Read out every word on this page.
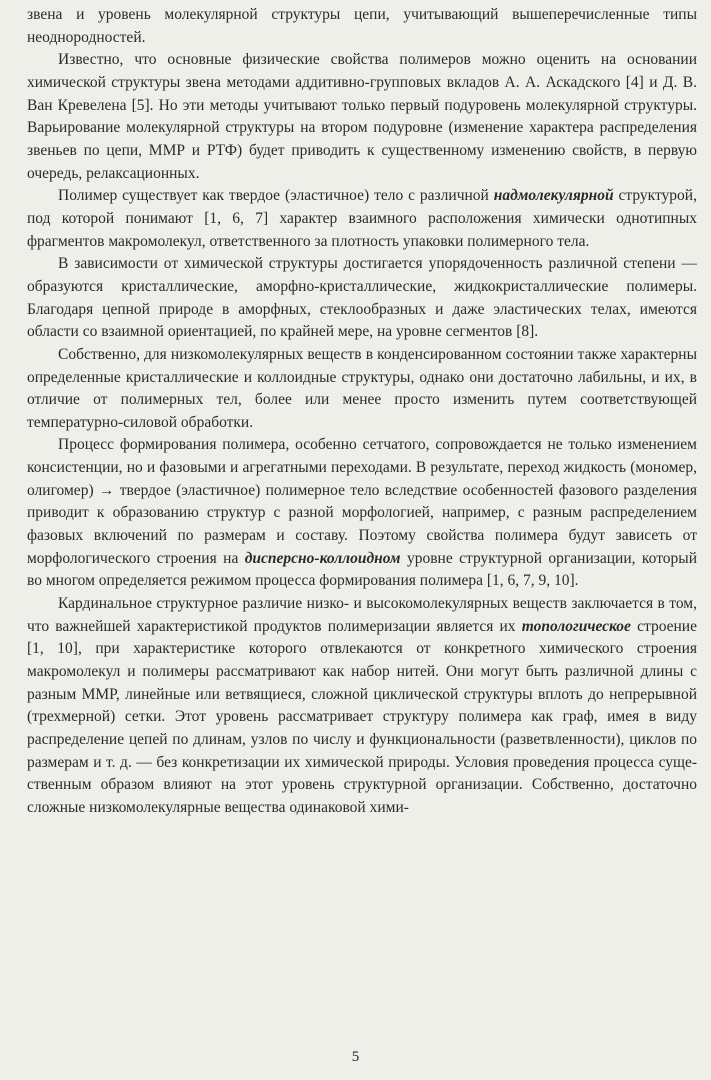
звена и уровень молекулярной структуры цепи, учитывающий вышеперечисленные типы неоднородностей.

Известно, что основные физические свойства полимеров можно оценить на основании химической структуры звена методами аддитивно-групповых вкладов А. А. Аскадского [4] и Д. В. Ван Кревелена [5]. Но эти методы учитывают только первый подуровень молекулярной структуры. Варьирование молекулярной структуры на втором подуровне (изменение характера распределения звеньев по цепи, ММР и РТФ) будет приводить к существенному изменению свойств, в первую очередь, релаксационных.

Полимер существует как твердое (эластичное) тело с различной надмолекулярной структурой, под которой понимают [1, 6, 7] характер взаимного расположения химически однотипных фрагментов макромолекул, ответственного за плотность упаковки полимерного тела.

В зависимости от химической структуры достигается упорядоченность различной степени — образуются кристаллические, аморфно-кристаллические, жидкокристаллические полимеры. Благодаря цепной природе в аморфных, стеклообразных и даже эластических телах, имеются области со взаимной ориентацией, по крайней мере, на уровне сегментов [8].

Собственно, для низкомолекулярных веществ в конденсированном состоянии также характерны определенные кристаллические и коллоидные структуры, однако они достаточно лабильны, и их, в отличие от полимерных тел, более или менее просто изменить путем соответствующей температурно-силовой обработки.

Процесс формирования полимера, особенно сетчатого, сопровождается не только изменением консистенции, но и фазовыми и агрегатными переходами. В результате, переход жидкость (мономер, олигомер) → твердое (эластичное) полимерное тело вследствие особенностей фазового разделения приводит к образованию структур с разной морфологией, например, с разным распределением фазовых включений по размерам и составу. Поэтому свойства полимера будут зависеть от морфологического строения на дисперсно-коллоидном уровне структурной организации, который во многом определяется режимом процесса формирования полимера [1, 6, 7, 9, 10].

Кардинальное структурное различие низко- и высокомолекулярных веществ заключается в том, что важнейшей характеристикой продуктов полимеризации является их топологическое строение [1, 10], при характеристике которого отвлекаются от конкретного химического строения макромолекул и полимеры рассматривают как набор нитей. Они могут быть различной длины с разным ММР, линейные или ветвящиеся, сложной циклической структуры вплоть до непрерывной (трехмерной) сетки. Этот уровень рассматривает структуру полимера как граф, имея в виду распределение цепей по длинам, узлов по числу и функциональности (разветвленности), циклов по размерам и т. д. — без конкретизации их химической природы. Условия проведения процесса существенным образом влияют на этот уровень структурной организации. Собственно, достаточно сложные низкомолекулярные вещества одинаковой хими-

5
